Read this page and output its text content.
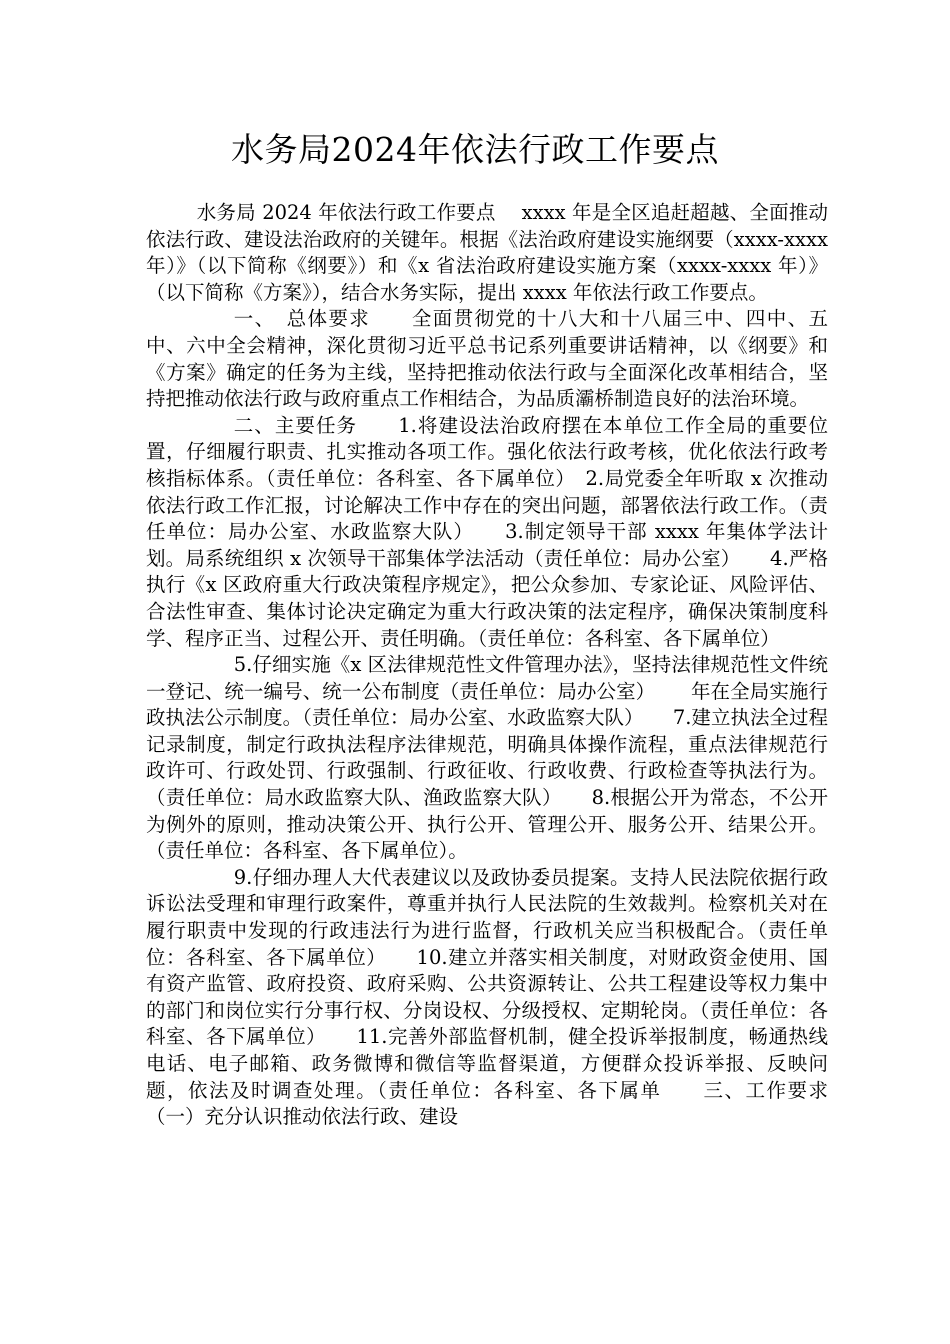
水务局2024年依法行政工作要点

水务局 2024 年依法行政工作要点　 xxxx 年是全区追赶超越、全面推动依法行政、建设法治政府的关键年。根据《法治政府建设实施纲要（xxxx-xxxx 年）》（以下简称《纲要》）和《x 省法治政府建设实施方案（xxxx-xxxx 年）》（以下简称《方案》），结合水务实际，提出 xxxx 年依法行政工作要点。

一、　总体要求　　全面贯彻党的十八大和十八届三中、四中、五中、六中全会精神，深化贯彻习近平总书记系列重要讲话精神，以《纲要》和《方案》确定的任务为主线，坚持把推动依法行政与全面深化改革相结合，坚持把推动依法行政与政府重点工作相结合，为品质灞桥制造良好的法治环境。

二、主要任务　　1.将建设法治政府摆在本单位工作全局的重要位置，仔细履行职责、扎实推动各项工作。强化依法行政考核，优化依法行政考核指标体系。（责任单位：各科室、各下属单位）　2.局党委全年听取 x 次推动依法行政工作汇报，讨论解决工作中存在的突出问题，部署依法行政工作。（责任单位：局办公室、水政监察大队）　　3.制定领导干部 xxxx 年集体学法计划。局系统组织 x 次领导干部集体学法活动（责任单位：局办公室）　　4.严格执行《x 区政府重大行政决策程序规定》，把公众参加、专家论证、风险评估、合法性审查、集体讨论决定确定为重大行政决策的法定程序，确保决策制度科学、程序正当、过程公开、责任明确。（责任单位：各科室、各下属单位）

5.仔细实施《x 区法律规范性文件管理办法》，坚持法律规范性文件统一登记、统一编号、统一公布制度（责任单位：局办公室）　　 年在全局实施行政执法公示制度。（责任单位：局办公室、水政监察大队）　　7.建立执法全过程记录制度，制定行政执法程序法律规范，明确具体操作流程，重点法律规范行政许可、行政处罚、行政强制、行政征收、行政收费、行政检查等执法行为。（责任单位：局水政监察大队、渔政监察大队）　　8.根据公开为常态，不公开为例外的原则，推动决策公开、执行公开、管理公开、服务公开、结果公开。（责任单位：各科室、各下属单位）。

9.仔细办理人大代表建议以及政协委员提案。支持人民法院依据行政诉讼法受理和审理行政案件，尊重并执行人民法院的生效裁判。检察机关对在履行职责中发现的行政违法行为进行监督，行政机关应当积极配合。（责任单位：各科室、各下属单位）　　10.建立并落实相关制度，对财政资金使用、国有资产监管、政府投资、政府采购、公共资源转让、公共工程建设等权力集中的部门和岗位实行分事行权、分岗设权、分级授权、定期轮岗。（责任单位：各科室、各下属单位）　　11.完善外部监督机制，健全投诉举报制度，畅通热线电话、电子邮箱、政务微博和微信等监督渠道，方便群众投诉举报、反映问题，依法及时调查处理。（责任单位：各科室、各下属单　　三、工作要求　　（一）充分认识推动依法行政、建设
